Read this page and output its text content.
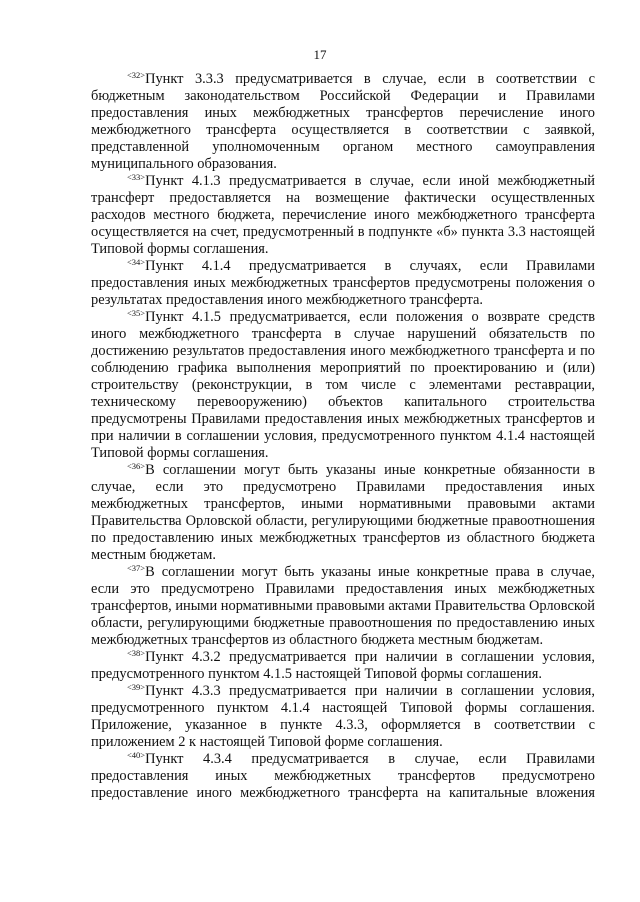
17

$^{<32>}$Пункт 3.3.3 предусматривается в случае, если в соответствии с бюджетным законодательством Российской Федерации и Правилами предоставления иных межбюджетных трансфертов перечисление иного межбюджетного трансферта осуществляется в соответствии с заявкой, представленной уполномоченным органом местного самоуправления муниципального образования.

$^{<33>}$Пункт 4.1.3 предусматривается в случае, если иной межбюджетный трансферт предоставляется на возмещение фактически осуществленных расходов местного бюджета, перечисление иного межбюджетного трансферта осуществляется на счет, предусмотренный в подпункте «б» пункта 3.3 настоящей Типовой формы соглашения.

$^{<34>}$Пункт 4.1.4 предусматривается в случаях, если Правилами предоставления иных межбюджетных трансфертов предусмотрены положения о результатах предоставления иного межбюджетного трансферта.

$^{<35>}$Пункт 4.1.5 предусматривается, если положения о возврате средств иного межбюджетного трансферта в случае нарушений обязательств по достижению результатов предоставления иного межбюджетного трансферта и по соблюдению графика выполнения мероприятий по проектированию и (или) строительству (реконструкции, в том числе с элементами реставрации, техническому перевооружению) объектов капитального строительства предусмотрены Правилами предоставления иных межбюджетных трансфертов и при наличии в соглашении условия, предусмотренного пунктом 4.1.4 настоящей Типовой формы соглашения.

$^{<36>}$В соглашении могут быть указаны иные конкретные обязанности в случае, если это предусмотрено Правилами предоставления иных межбюджетных трансфертов, иными нормативными правовыми актами Правительства Орловской области, регулирующими бюджетные правоотношения по предоставлению иных межбюджетных трансфертов из областного бюджета местным бюджетам.

$^{<37>}$В соглашении могут быть указаны иные конкретные права в случае, если это предусмотрено Правилами предоставления иных межбюджетных трансфертов, иными нормативными правовыми актами Правительства Орловской области, регулирующими бюджетные правоотношения по предоставлению иных межбюджетных трансфертов из областного бюджета местным бюджетам.

$^{<38>}$Пункт 4.3.2 предусматривается при наличии в соглашении условия, предусмотренного пунктом 4.1.5 настоящей Типовой формы соглашения.

$^{<39>}$Пункт 4.3.3 предусматривается при наличии в соглашении условия, предусмотренного пунктом 4.1.4 настоящей Типовой формы соглашения. Приложение, указанное в пункте 4.3.3, оформляется в соответствии с приложением 2 к настоящей Типовой форме соглашения.

$^{<40>}$Пункт 4.3.4 предусматривается в случае, если Правилами предоставления иных межбюджетных трансфертов предусмотрено предоставление иного межбюджетного трансферта на капитальные вложения
